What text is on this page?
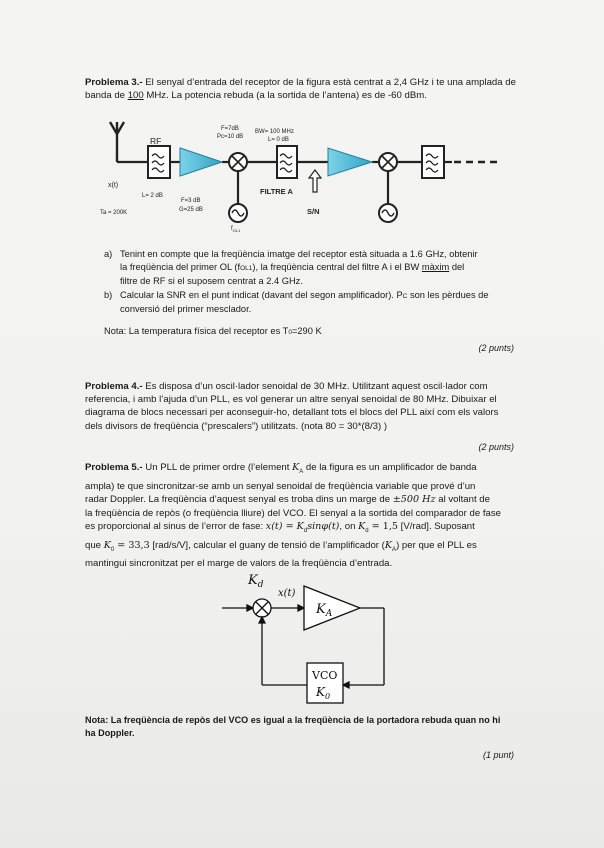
Problema 3.- El senyal d’entrada del receptor de la figura està centrat a 2,4 GHz i te una amplada de banda de 100 MHz. La potencia rebuda (a la sortida de l’antena) es de -60 dBm.
RF
F=7dB
Pc=10 dB
BW= 100 MHz
L= 0 dB
x(t)
Ta = 200K
L= 2 dB
F=3 dB
G=25 dB
FILTRE A
S/N
$f_{OL1}$
a) Tenint en compte que la freqüència imatge del receptor està situada a 1.6 GHz, obtenir
la freqüència del primer OL (fOL1), la freqüència central del filtre A i el BW màxim del
filtre de RF si el suposem centrat a 2.4 GHz.
b) Calcular la SNR en el punt indicat (davant del segon amplificador). PC son les pèrdues de
conversió del primer mesclador.
Nota: La temperatura física del receptor es T0=290 K
(2 punts)
Problema 4.- Es disposa d’un oscil·lador senoidal de 30 MHz. Utilitzant aquest oscil·lador com referencia, i amb l’ajuda d’un PLL, es vol generar un altre senyal senoidal de 80 MHz. Dibuixar el diagrama de blocs necessari per aconseguir-ho, detallant tots el blocs del PLL així com els valors dels divisors de freqüència (“prescalers”) utilitzats. (nota 80 = 30*(8/3) )
(2 punts)
Problema 5.- Un PLL de primer ordre (l’element $K_A$ de la figura es un amplificador de banda
ampla) te que sincronitzar-se amb un senyal senoidal de freqüència variable que prové d’un
radar Doppler. La freqüència d’aquest senyal es troba dins un marge de ±500 Hz al voltant de
la freqüència de repòs (o freqüència lliure) del VCO. El senyal a la sortida del comparador de fase
es proporcional al sinus de l’error de fase: $x(t) = K_d\sin\varphi(t)$, on $K_d = 1,5$ [V/rad]. Suposant
que $K_0 = 33,3$ [rad/s/V], calcular el guany de tensió de l’amplificador $(K_A)$ per que el PLL es
mantingui sincronitzat per el marge de valors de la freqüència d’entrada.
$K_d$
x(t)
$K_A$
VCO
$K_0$
Nota: La freqüència de repòs del VCO es igual a la freqüència de la portadora rebuda quan no hi
ha Doppler.
(1 punt)
